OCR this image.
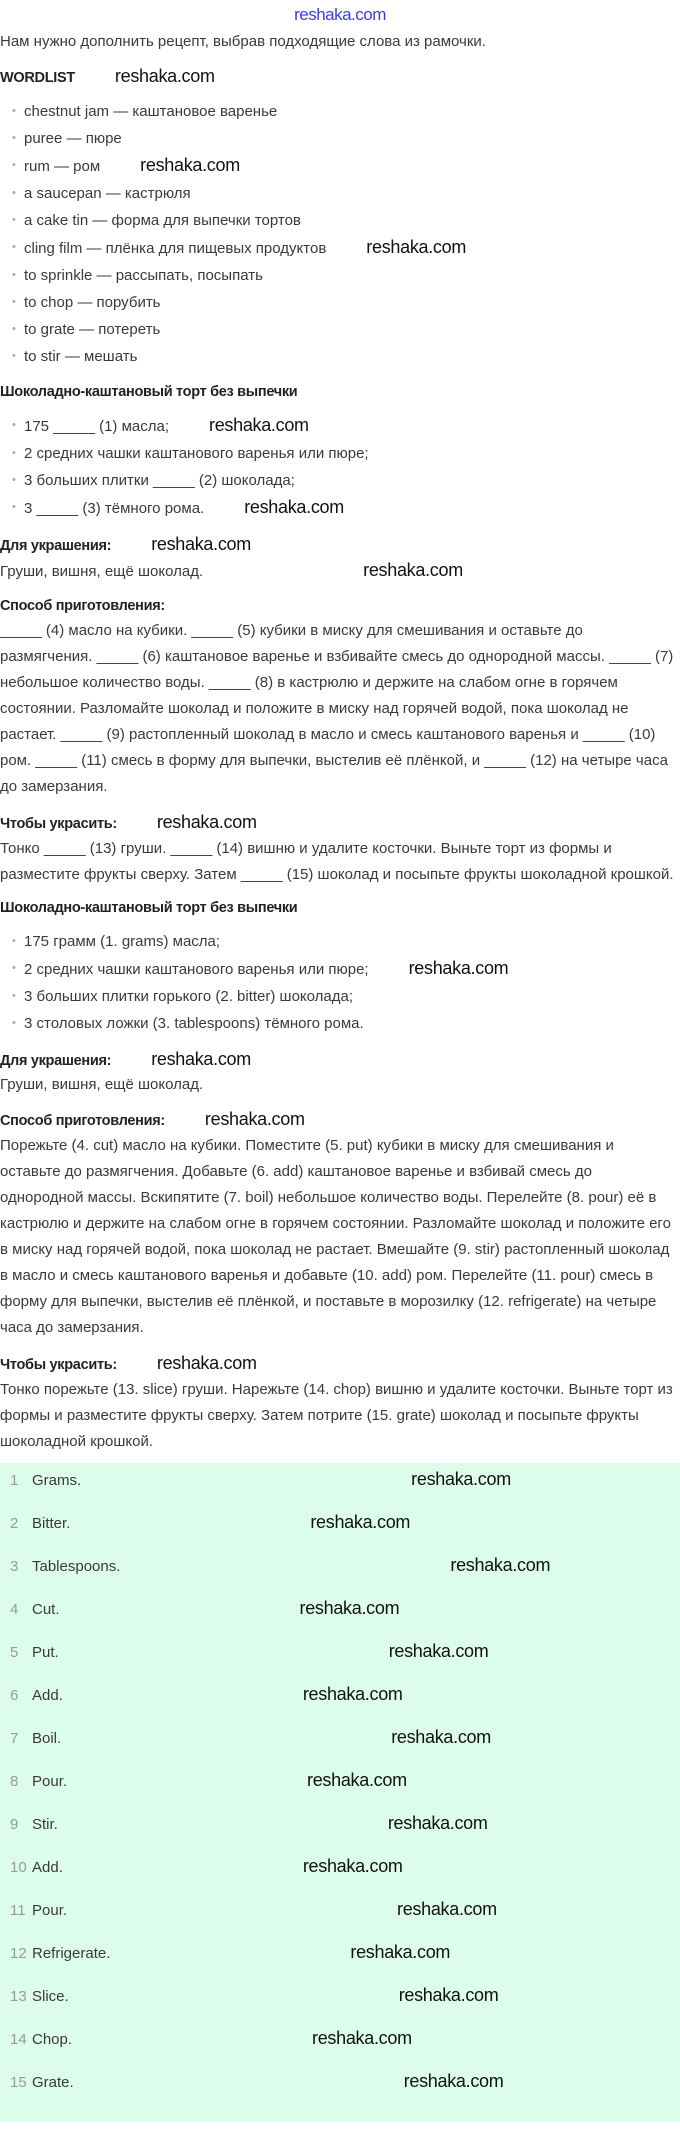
reshaka.com

Нам нужно дополнить рецепт, выбрав подходящие слова из рамочки.

WORDLIST reshaka.com

• chestnut jam — каштановое варенье
• puree — пюре
• rum — ром reshaka.com
• a saucepan — кастрюля
• a cake tin — форма для выпечки тортов
• cling film — плёнка для пищевых продуктов reshaka.com
• to sprinkle — рассыпать, посыпать
• to chop — порубить
• to grate — потереть
• to stir — мешать

Шоколадно-каштановый торт без выпечки

• 175 _____ (1) масла; reshaka.com
• 2 средних чашки каштанового варенья или пюре;
• 3 больших плитки _____ (2) шоколада;
• 3 _____ (3) тёмного рома. reshaka.com

Для украшения: reshaka.com

Груши, вишня, ещё шоколад.	reshaka.com

Способ приготовления:

_____ (4) масло на кубики. _____ (5) кубики в миску для смешивания и оставьте до размягчения. _____ (6) каштановое варенье и взбивайте смесь до однородной массы. _____ (7) небольшое количество воды. _____ (8) в кастрюлю и держите на слабом огне в горячем состоянии. Разломайте шоколад и положите в миску над горячей водой, пока шоколад не растает. _____ (9) растопленный шоколад в масло и смесь каштанового варенья и _____ (10) ром. _____ (11) смесь в форму для выпечки, выстелив её плёнкой, и _____ (12) на четыре часа до замерзания.

Чтобы украсить: reshaka.com

Тонко _____ (13) груши. _____ (14) вишню и удалите косточки. Выньте торт из формы и разместите фрукты сверху. Затем _____ (15) шоколад и посыпьте фрукты шоколадной крошкой.

Шоколадно-каштановый торт без выпечки

• 175 грамм (1. grams) масла;
• 2 средних чашки каштанового варенья или пюре; reshaka.com
• 3 больших плитки горького (2. bitter) шоколада;
• 3 столовых ложки (3. tablespoons) тёмного рома.

Для украшения: reshaka.com

Груши, вишня, ещё шоколад.

Способ приготовления: reshaka.com

Порежьте (4. cut) масло на кубики. Поместите (5. put) кубики в миску для смешивания и оставьте до размягчения. Добавьте (6. add) каштановое варенье и взбивай смесь до однородной массы. Вскипятите (7. boil) небольшое количество воды. Перелейте (8. pour) её в кастрюлю и держите на слабом огне в горячем состоянии. Разломайте шоколад и положите его в миску над горячей водой, пока шоколад не растает. Вмешайте (9. stir) растопленный шоколад в масло и смесь каштанового варенья и добавьте (10. add) ром. Перелейте (11. pour) смесь в форму для выпечки, выстелив её плёнкой, и поставьте в морозилку (12. refrigerate) на четыре часа до замерзания.

Чтобы украсить: reshaka.com

Тонко порежьте (13. slice) груши. Нарежьте (14. chop) вишню и удалите косточки. Выньте торт из формы и разместите фрукты сверху. Затем потрите (15. grate) шоколад и посыпьте фрукты шоколадной крошкой.

1 Grams.	reshaka.com
2 Bitter.	reshaka.com
3 Tablespoons.	reshaka.com
4 Cut.	reshaka.com
5 Put.	reshaka.com
6 Add.	reshaka.com
7 Boil.	reshaka.com
8 Pour.	reshaka.com
9 Stir.	reshaka.com
10 Add.	reshaka.com
11 Pour.	reshaka.com
12 Refrigerate.	reshaka.com
13 Slice.	reshaka.com
14 Chop.	reshaka.com
15 Grate.	reshaka.com
